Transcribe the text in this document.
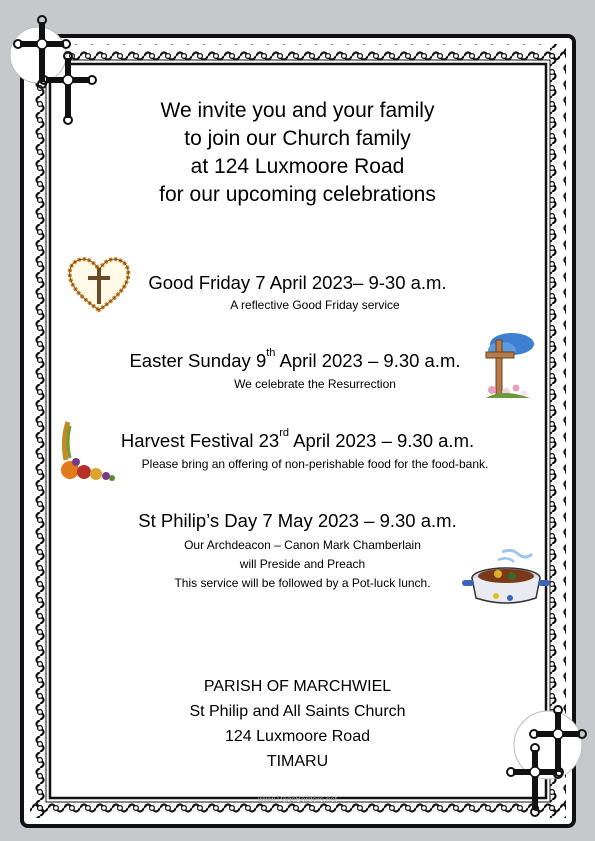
We invite you and your family
to join our Church family
at 124 Luxmoore Road
for our upcoming celebrations
Good Friday 7 April 2023– 9-30 a.m.
A reflective Good Friday service
Easter Sunday 9th April 2023 – 9.30 a.m.
We celebrate the Resurrection
Harvest Festival 23rd April 2023 – 9.30 a.m.
Please bring an offering of non-perishable food for the food-bank.
St Philip’s Day 7 May 2023 – 9.30 a.m.
Our Archdeacon – Canon Mark Chamberlain
will Preside and Preach
This service will be followed by a Pot-luck lunch.
PARISH OF MARCHWIEL
St Philip and All Saints Church
124 Luxmoore Road
TIMARU
www.PageBorders.net
